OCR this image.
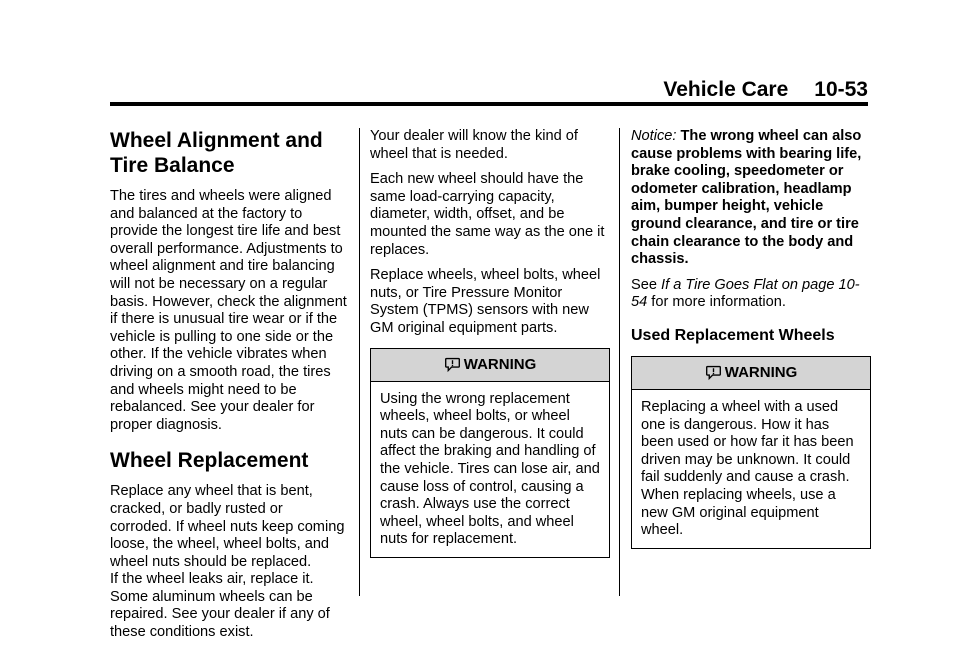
Vehicle Care 10-53
Wheel Alignment and Tire Balance

The tires and wheels were aligned and balanced at the factory to provide the longest tire life and best overall performance. Adjustments to wheel alignment and tire balancing will not be necessary on a regular basis. However, check the alignment if there is unusual tire wear or if the vehicle is pulling to one side or the other. If the vehicle vibrates when driving on a smooth road, the tires and wheels might need to be rebalanced. See your dealer for proper diagnosis.

Wheel Replacement

Replace any wheel that is bent, cracked, or badly rusted or corroded. If wheel nuts keep coming loose, the wheel, wheel bolts, and wheel nuts should be replaced.

If the wheel leaks air, replace it. Some aluminum wheels can be repaired. See your dealer if any of these conditions exist.

Your dealer will know the kind of wheel that is needed.

Each new wheel should have the same load-carrying capacity, diameter, width, offset, and be mounted the same way as the one it replaces.

Replace wheels, wheel bolts, wheel nuts, or Tire Pressure Monitor System (TPMS) sensors with new GM original equipment parts.

WARNING

Using the wrong replacement wheels, wheel bolts, or wheel nuts can be dangerous. It could affect the braking and handling of the vehicle. Tires can lose air, and cause loss of control, causing a crash. Always use the correct wheel, wheel bolts, and wheel nuts for replacement.

Notice: The wrong wheel can also cause problems with bearing life, brake cooling, speedometer or odometer calibration, headlamp aim, bumper height, vehicle ground clearance, and tire or tire chain clearance to the body and chassis.

See If a Tire Goes Flat on page 10-54 for more information.

Used Replacement Wheels
WARNING

Replacing a wheel with a used one is dangerous. How it has been used or how far it has been driven may be unknown. It could fail suddenly and cause a crash. When replacing wheels, use a new GM original equipment wheel.
